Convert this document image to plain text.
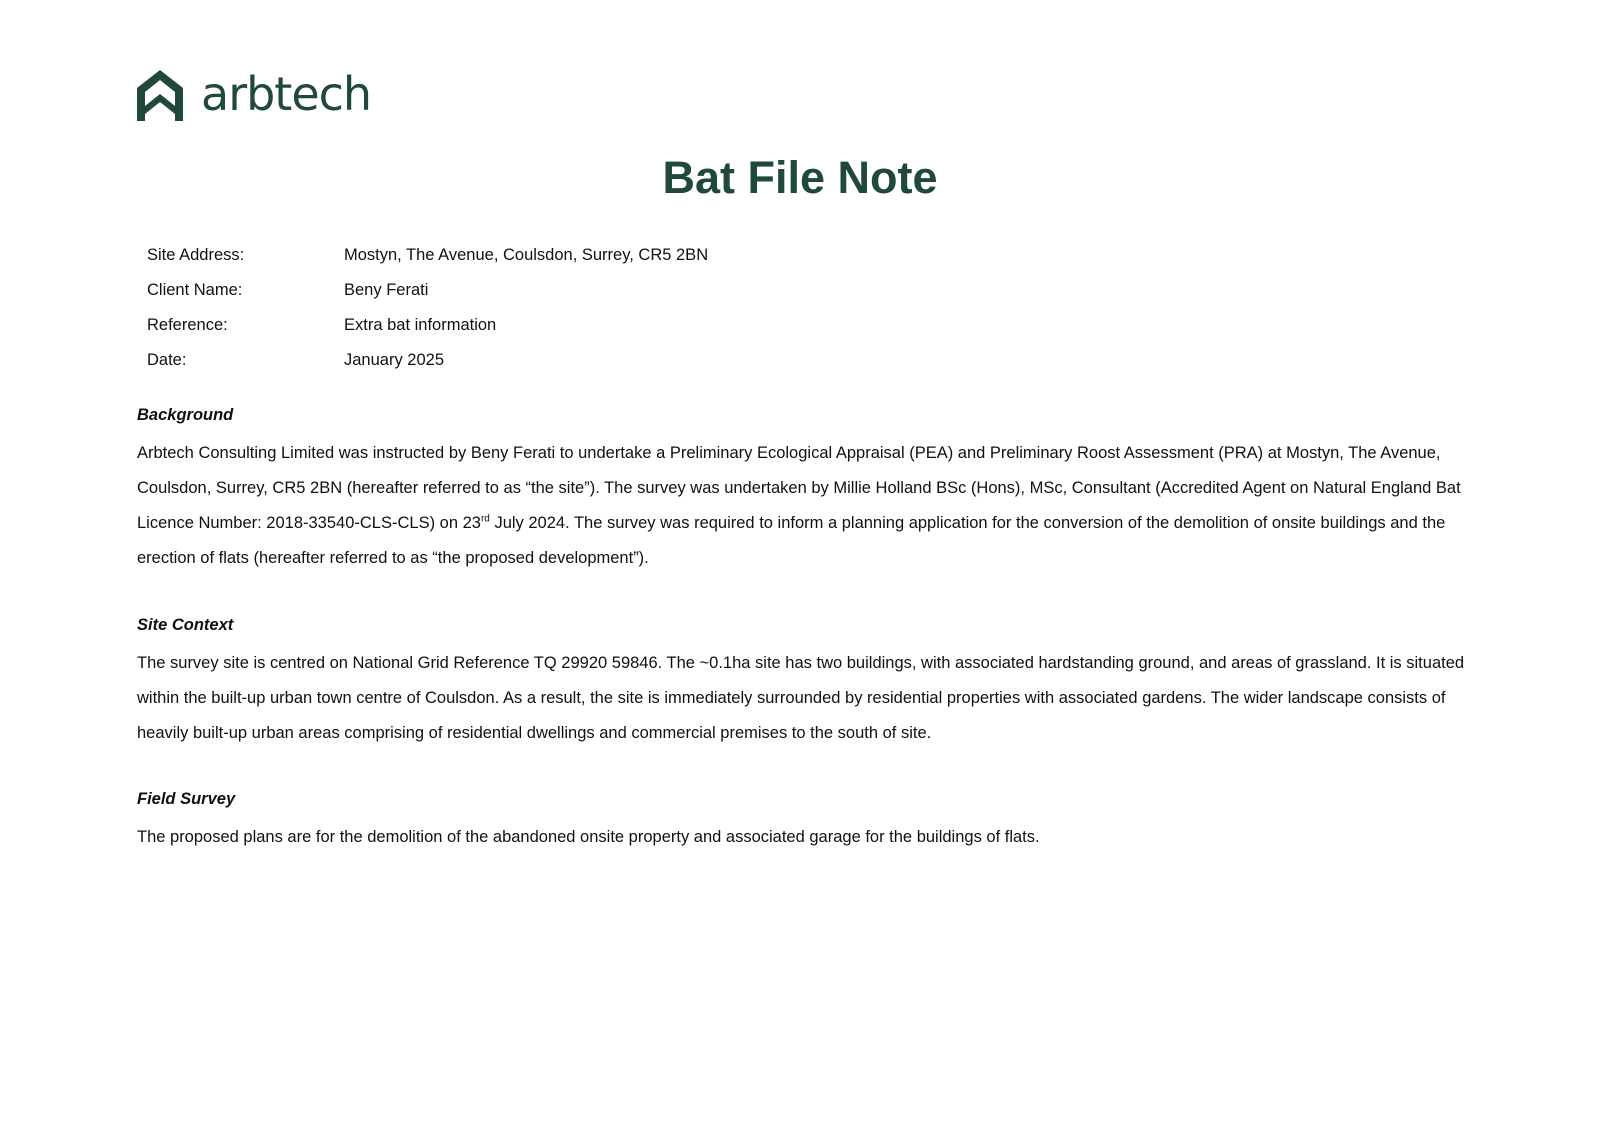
arbtech
Bat File Note
Site Address:	Mostyn, The Avenue, Coulsdon, Surrey, CR5 2BN
Client Name:	Beny Ferati
Reference:	Extra bat information
Date:	January 2025

Background

Arbtech Consulting Limited was instructed by Beny Ferati to undertake a Preliminary Ecological Appraisal (PEA) and Preliminary Roost Assessment (PRA) at Mostyn, The Avenue, Coulsdon, Surrey, CR5 2BN (hereafter referred to as “the site”). The survey was undertaken by Millie Holland BSc (Hons), MSc, Consultant (Accredited Agent on Natural England Bat Licence Number: 2018-33540-CLS-CLS) on 23rd July 2024. The survey was required to inform a planning application for the conversion of the demolition of onsite buildings and the erection of flats (hereafter referred to as “the proposed development”).

Site Context

The survey site is centred on National Grid Reference TQ 29920 59846. The ~0.1ha site has two buildings, with associated hardstanding ground, and areas of grassland. It is situated within the built-up urban town centre of Coulsdon. As a result, the site is immediately surrounded by residential properties with associated gardens. The wider landscape consists of heavily built-up urban areas comprising of residential dwellings and commercial premises to the south of site.

Field Survey

The proposed plans are for the demolition of the abandoned onsite property and associated garage for the buildings of flats.
